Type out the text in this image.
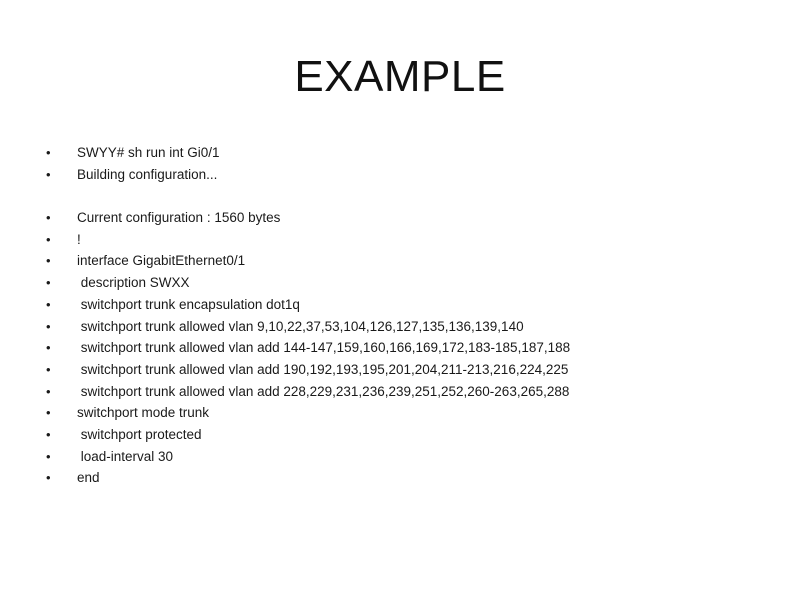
EXAMPLE

•

	SWYY# sh run int Gi0/1

•

	Building configuration...

•

	Current configuration : 1560 bytes

•

	!

•

	interface GigabitEthernet0/1

•

	description SWXX

•

	switchport trunk encapsulation dot1q

•

	switchport trunk allowed vlan 9,10,22,37,53,104,126,127,135,136,139,140

•

	switchport trunk allowed vlan add 144-147,159,160,166,169,172,183-185,187,188

•

	switchport trunk allowed vlan add 190,192,193,195,201,204,211-213,216,224,225

•

	switchport trunk allowed vlan add 228,229,231,236,239,251,252,260-263,265,288

•

	switchport mode trunk

•

	switchport protected

•

	load-interval 30

•

	end
